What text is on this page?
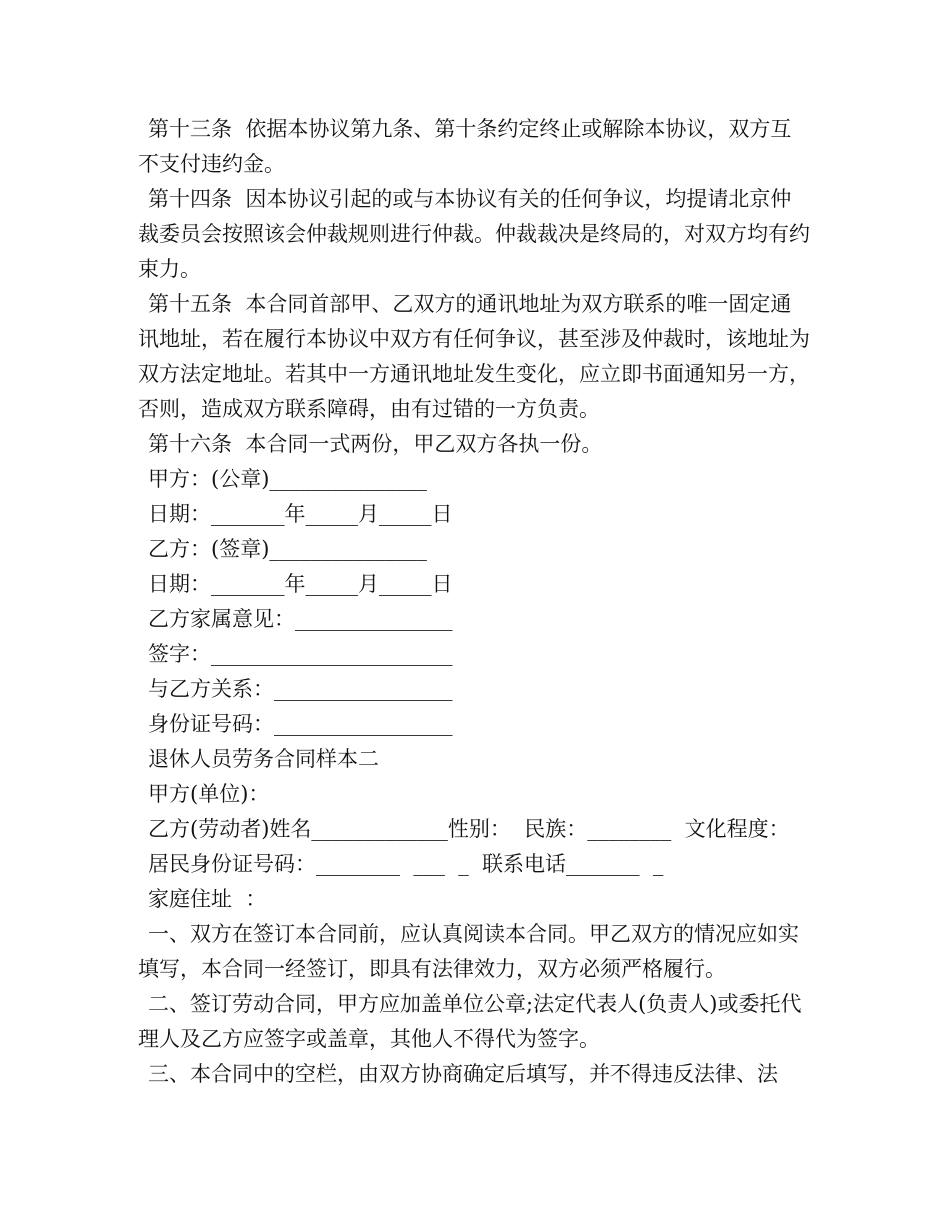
第十三条  依据本协议第九条、第十条约定终止或解除本协议，双方互不支付违约金。

第十四条  因本协议引起的或与本协议有关的任何争议，均提请北京仲裁委员会按照该会仲裁规则进行仲裁。仲裁裁决是终局的，对双方均有约束力。

第十五条  本合同首部甲、乙双方的通讯地址为双方联系的唯一固定通讯地址，若在履行本协议中双方有任何争议，甚至涉及仲裁时，该地址为双方法定地址。若其中一方通讯地址发生变化，应立即书面通知另一方，否则，造成双方联系障碍，由有过错的一方负责。

第十六条  本合同一式两份，甲乙双方各执一份。

甲方：(公章)_______________

日期：_______年_____月_____日

乙方：(签章)_______________

日期：_______年_____月_____日

乙方家属意见：_______________

签字：_______________________

与乙方关系：_________________

身份证号码：_________________

退休人员劳务合同样本二

甲方(单位)：

乙方(劳动者)姓名_____________性别：  民族：________  文化程度：

居民身份证号码：________  ___  _  联系电话_______  _

家庭住址  ：

一、双方在签订本合同前，应认真阅读本合同。甲乙双方的情况应如实填写，本合同一经签订，即具有法律效力，双方必须严格履行。

二、签订劳动合同，甲方应加盖单位公章;法定代表人(负责人)或委托代理人及乙方应签字或盖章，其他人不得代为签字。

三、本合同中的空栏，由双方协商确定后填写，并不得违反法律、法
